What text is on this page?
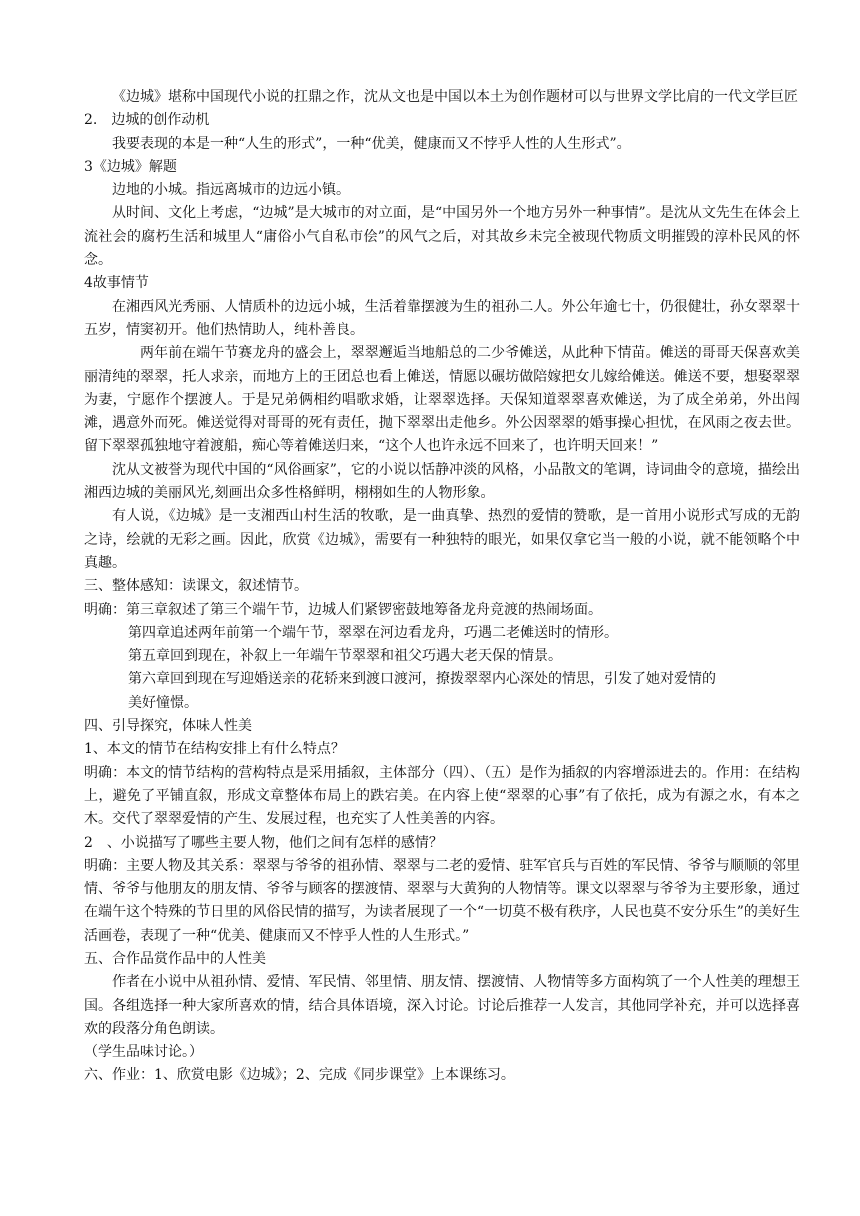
《边城》堪称中国现代小说的扛鼎之作，沈从文也是中国以本土为创作题材可以与世界文学比肩的一代文学巨匠

2.　边城的创作动机

我要表现的本是一种“人生的形式”，一种“优美，健康而又不悖乎人性的人生形式”。

3《边城》解题

边地的小城。指远离城市的边远小镇。

从时间、文化上考虑，“边城”是大城市的对立面，是“中国另外一个地方另外一种事情”。是沈从文先生在体会上流社会的腐朽生活和城里人“庸俗小气自私市侩”的风气之后，对其故乡未完全被现代物质文明摧毁的淳朴民风的怀念。

4故事情节

在湘西风光秀丽、人情质朴的边远小城，生活着靠摆渡为生的祖孙二人。外公年逾七十，仍很健壮，孙女翠翠十五岁，情窦初开。他们热情助人，纯朴善良。

两年前在端午节赛龙舟的盛会上，翠翠邂逅当地船总的二少爷傩送，从此种下情苗。傩送的哥哥天保喜欢美丽清纯的翠翠，托人求亲，而地方上的王团总也看上傩送，情愿以碾坊做陪嫁把女儿嫁给傩送。傩送不要，想娶翠翠为妻，宁愿作个摆渡人。于是兄弟俩相约唱歌求婚，让翠翠选择。天保知道翠翠喜欢傩送，为了成全弟弟，外出闯滩，遇意外而死。傩送觉得对哥哥的死有责任，抛下翠翠出走他乡。外公因翠翠的婚事操心担忧，在风雨之夜去世。留下翠翠孤独地守着渡船，痴心等着傩送归来，“这个人也许永远不回来了，也许明天回来！”

沈从文被誉为现代中国的“风俗画家”，它的小说以恬静冲淡的风格，小品散文的笔调，诗词曲令的意境，描绘出湘西边城的美丽风光,刻画出众多性格鲜明，栩栩如生的人物形象。

有人说，《边城》是一支湘西山村生活的牧歌，是一曲真挚、热烈的爱情的赞歌，是一首用小说形式写成的无韵之诗，绘就的无彩之画。因此，欣赏《边城》，需要有一种独特的眼光，如果仅拿它当一般的小说，就不能领略个中真趣。

三、整体感知：读课文，叙述情节。

明确：第三章叙述了第三个端午节，边城人们紧锣密鼓地筹备龙舟竞渡的热闹场面。

第四章追述两年前第一个端午节，翠翠在河边看龙舟，巧遇二老傩送时的情形。

第五章回到现在，补叙上一年端午节翠翠和祖父巧遇大老天保的情景。

第六章回到现在写迎婚送亲的花轿来到渡口渡河，撩拨翠翠内心深处的情思，引发了她对爱情的

美好憧憬。

四、引导探究，体味人性美

1、本文的情节在结构安排上有什么特点？

明确：本文的情节结构的营构特点是采用插叙，主体部分（四）、（五）是作为插叙的内容增添进去的。作用：在结构上，避免了平铺直叙，形成文章整体布局上的跌宕美。在内容上使“翠翠的心事”有了依托，成为有源之水，有本之木。交代了翠翠爱情的产生、发展过程，也充实了人性美善的内容。

2　、小说描写了哪些主要人物，他们之间有怎样的感情？

明确：主要人物及其关系：翠翠与爷爷的祖孙情、翠翠与二老的爱情、驻军官兵与百姓的军民情、爷爷与顺顺的邻里情、爷爷与他朋友的朋友情、爷爷与顾客的摆渡情、翠翠与大黄狗的人物情等。课文以翠翠与爷爷为主要形象，通过在端午这个特殊的节日里的风俗民情的描写，为读者展现了一个“一切莫不极有秩序，人民也莫不安分乐生”的美好生活画卷，表现了一种“优美、健康而又不悖乎人性的人生形式。”

五、合作品赏作品中的人性美

作者在小说中从祖孙情、爱情、军民情、邻里情、朋友情、摆渡情、人物情等多方面构筑了一个人性美的理想王国。各组选择一种大家所喜欢的情，结合具体语境，深入讨论。讨论后推荐一人发言，其他同学补充，并可以选择喜欢的段落分角色朗读。

（学生品味讨论。）

六、作业：1、欣赏电影《边城》；2、完成《同步课堂》上本课练习。
